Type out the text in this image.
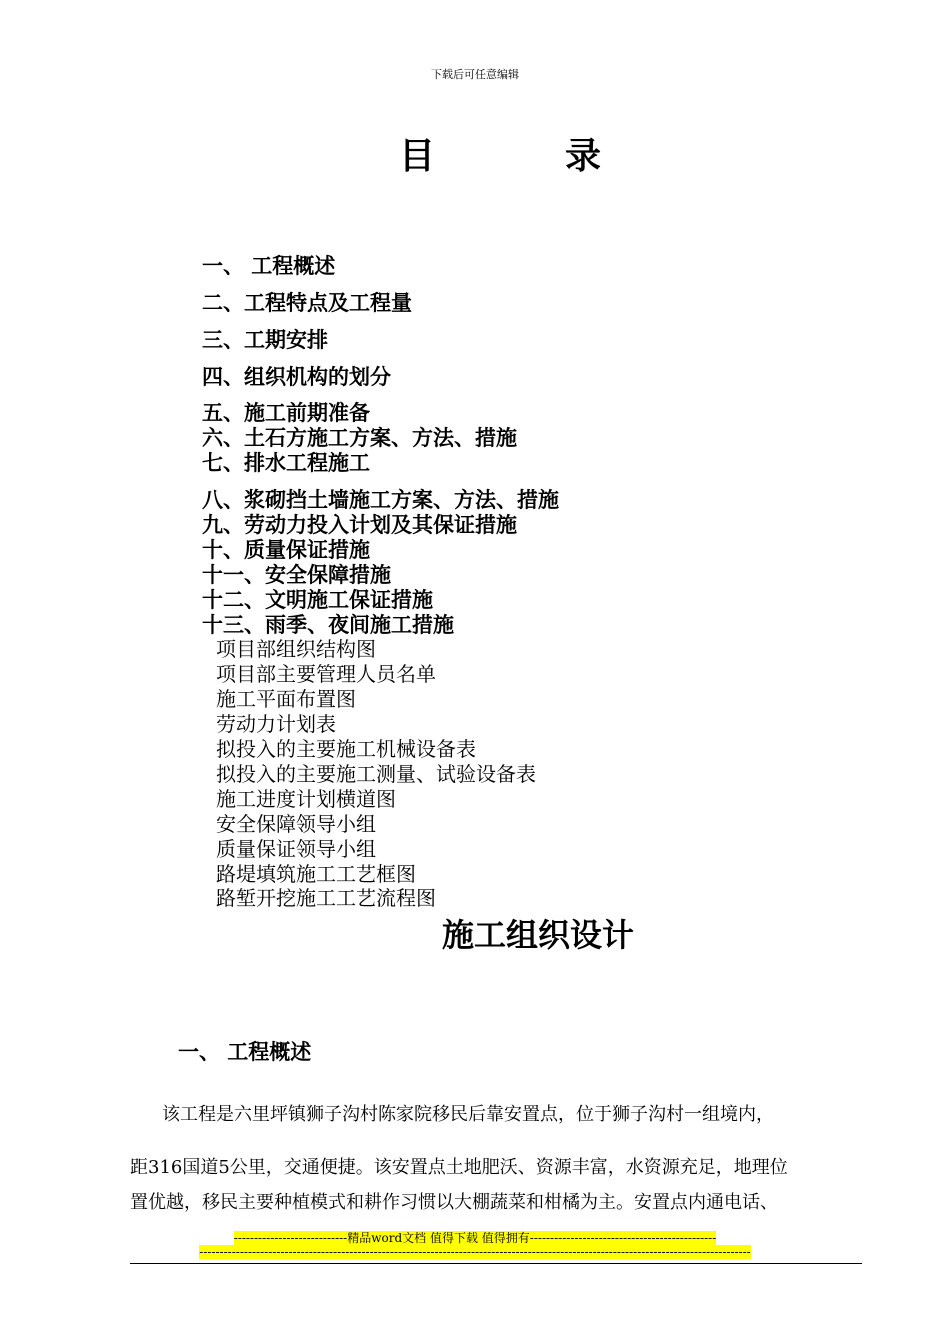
下载后可任意编辑
目	录
一、 工程概述
二、工程特点及工程量
三、工期安排
四、组织机构的划分
五、施工前期准备
六、土石方施工方案、方法、措施
七、排水工程施工
八、浆砌挡土墙施工方案、方法、措施
九、劳动力投入计划及其保证措施
十、质量保证措施
十一、安全保障措施
十二、文明施工保证措施
十三、雨季、夜间施工措施
项目部组织结构图
项目部主要管理人员名单
施工平面布置图
劳动力计划表
拟投入的主要施工机械设备表
拟投入的主要施工测量、试验设备表
施工进度计划横道图
安全保障领导小组
质量保证领导小组
路堤填筑施工工艺框图
路堑开挖施工工艺流程图
施工组织设计
一、 工程概述
该工程是六里坪镇狮子沟村陈家院移民后靠安置点，位于狮子沟村一组境内，
距316国道5公里，交通便捷。该安置点土地肥沃、资源丰富，水资源充足，地理位
置优越，移民主要种植模式和耕作习惯以大棚蔬菜和柑橘为主。安置点内通电话、
----------------------------精品word文档 值得下载 值得拥有----------------------------------------------
----------------------------------------------------------------------------------------------------------------------------------------
